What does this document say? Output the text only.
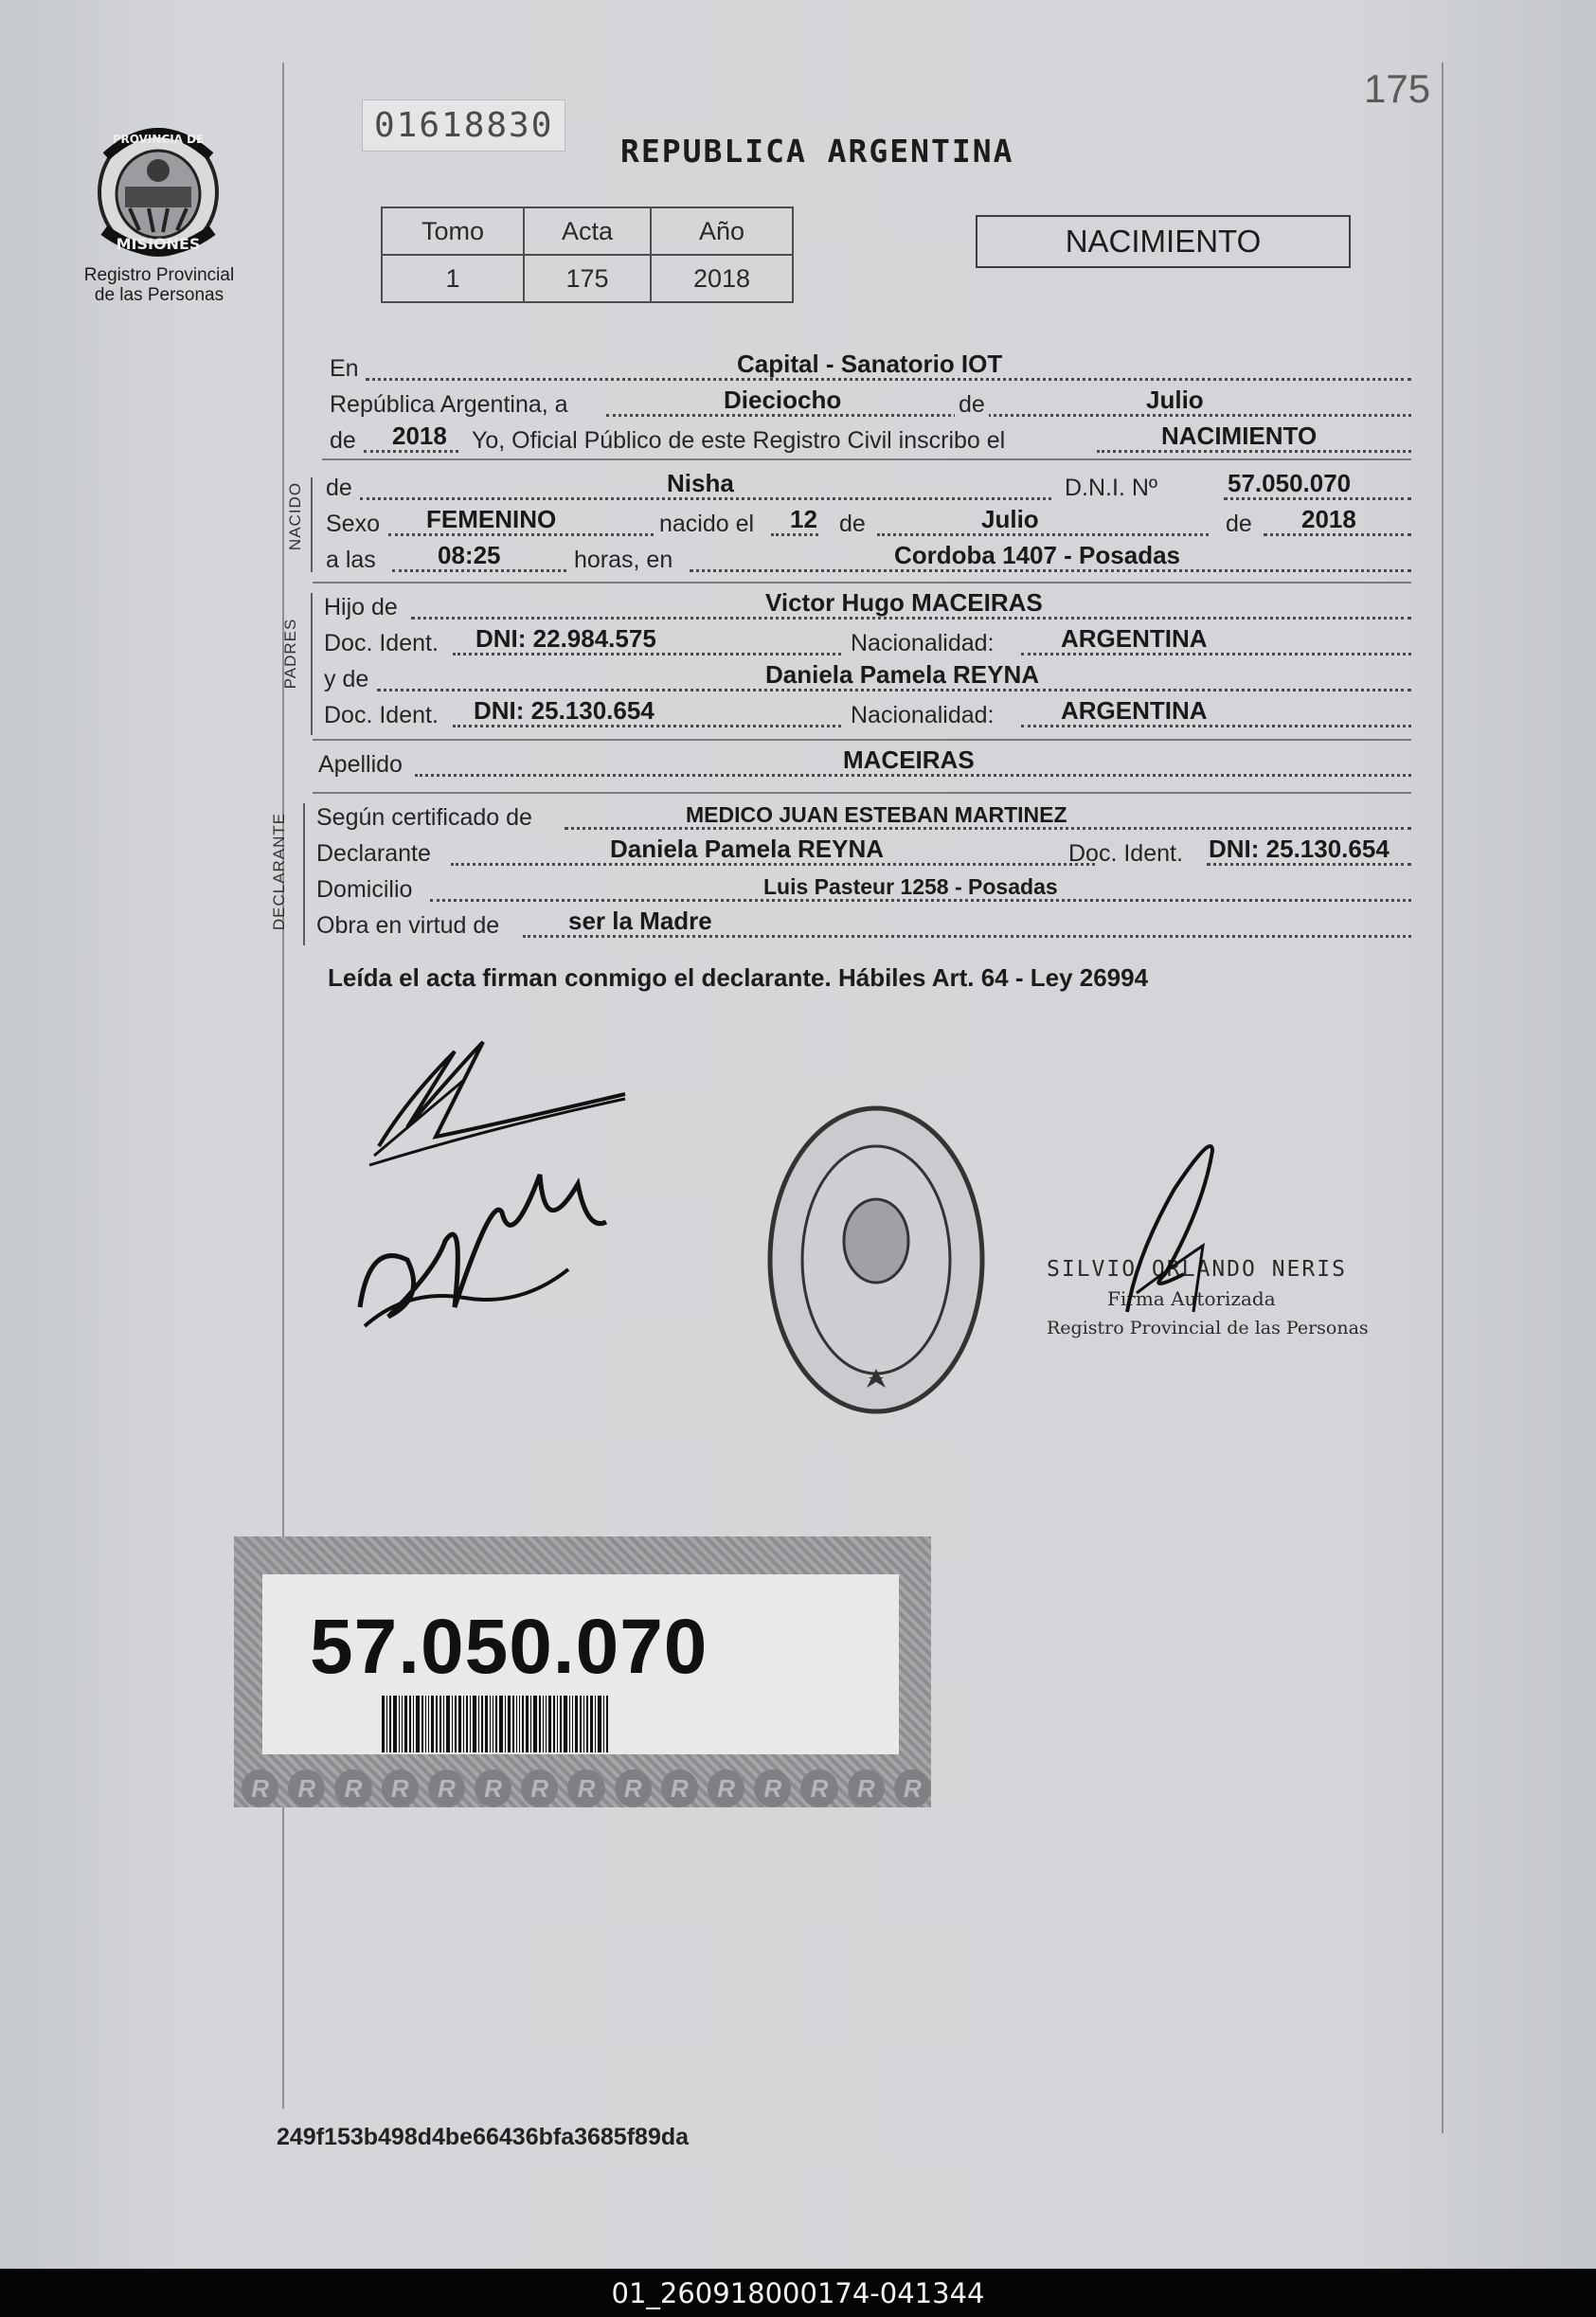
175
01618830
REPUBLICA ARGENTINA
PROVINCIA DE
MISIONES
Registro Provincial
de las Personas
Tomo	Acta	Año
1	175	2018
NACIMIENTO
En	Capital - Sanatorio IOT
República Argentina, a	Dieciocho	de	Julio
de 2018 Yo, Oficial Público de este Registro Civil inscribo el	NACIMIENTO
NACIDO de	Nisha	D.N.I. Nº	57.050.070
Sexo FEMENINO	nacido el 12 de	Julio	de 2018
a las	08:25	horas, en	Cordoba 1407 - Posadas
PADRES
Hijo de	Victor Hugo MACEIRAS
Doc. Ident. DNI: 22.984.575	Nacionalidad:	ARGENTINA
y de	Daniela Pamela REYNA
Doc. Ident. DNI: 25.130.654	Nacionalidad:	ARGENTINA
Apellido	MACEIRAS
DECLARANTE Según certificado de	MEDICO JUAN ESTEBAN MARTINEZ
Declarante	Daniela Pamela REYNA	Doc. Ident. DNI: 25.130.654
Domicilio	Luis Pasteur 1258 - Posadas
Obra en virtud de	ser la Madre
Leída el acta firman conmigo el declarante. Hábiles Art. 64 - Ley 26994
SILVIO ORLANDO NERIS
Firma Autorizada
Registro Provincial de las Personas
57.050.070
R	R	R	R	R	R	R	R	R	R	R	R	R	R	R
249f153b498d4be66436bfa3685f89da
01_260918000174-041344
